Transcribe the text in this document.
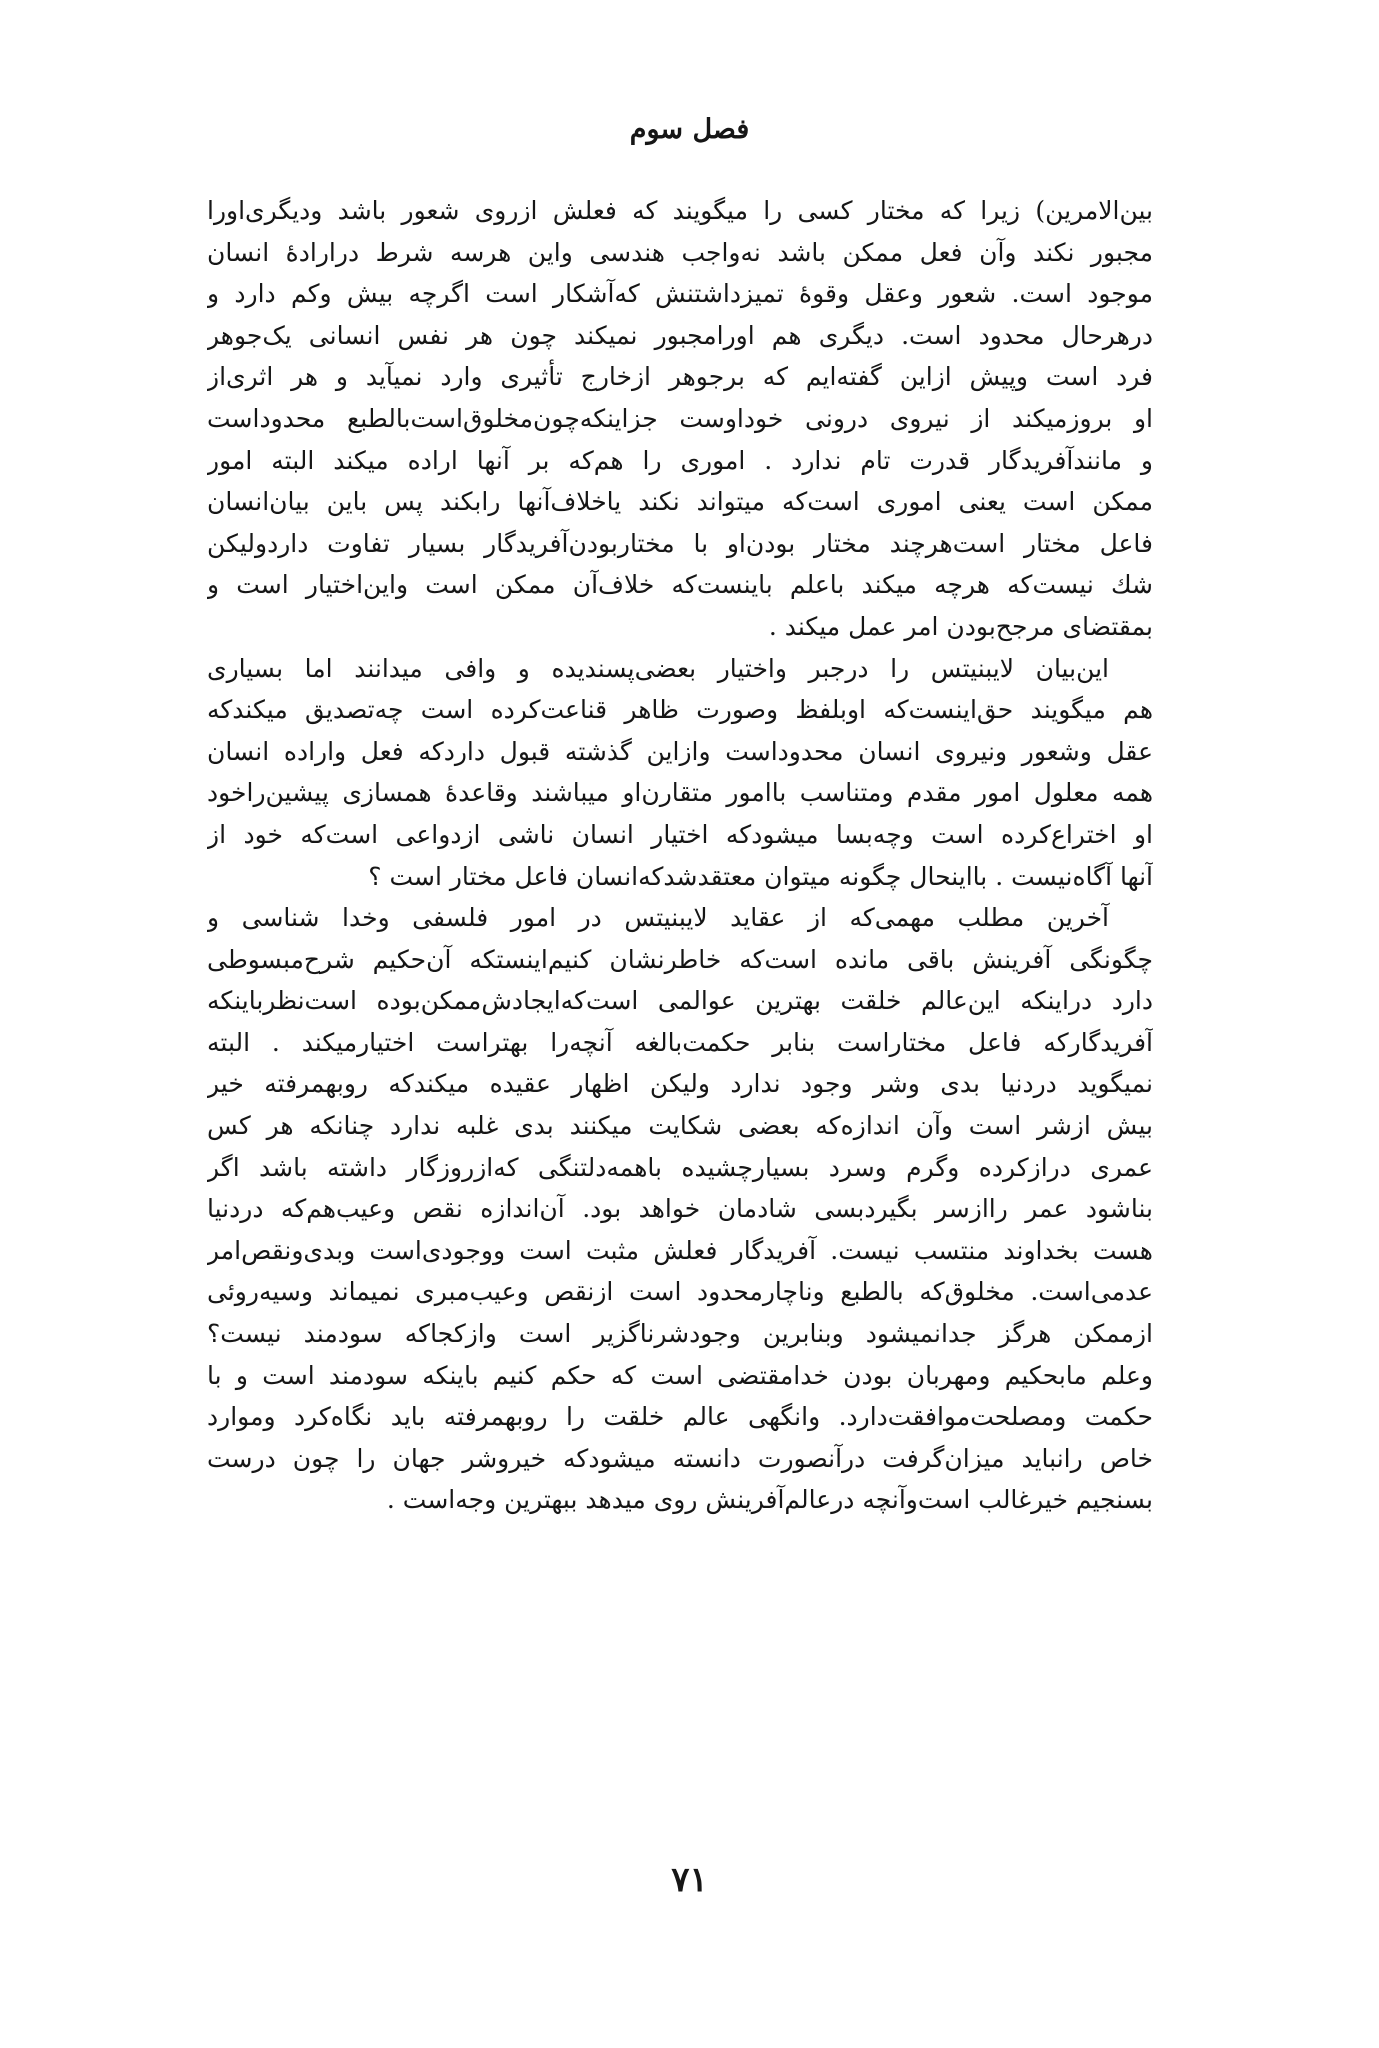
فصل سوم
بین‌الامرین) زیرا که مختار کسی را میگویند که فعلش ازروی شعور باشد ودیگری‌اورا
مجبور نکند وآن فعل ممکن باشد نه‌واجب هندسی واین هرسه شرط دراراده‌ٔ انسان
موجود است. شعور وعقل وقوهٔ تمیزداشتنش که‌آشکار است اگرچه بیش وکم دارد و
درهرحال محدود است. دیگری هم اورامجبور نمیکند چون هر نفس انسانی یک‌جوهر
فرد است وپیش ازاین گفته‌ایم که برجوهر ازخارج تأثیری وارد نمیآید و هر اثری‌از
او بروزمیکند از نیروی درونی خوداوست جزاینکه‌چون‌مخلوق‌است‌بالطبع محدوداست
و مانندآفریدگار قدرت تام ندارد . اموری را هم‌که بر آنها اراده میکند البته امور
ممکن است یعنی اموری است‌که میتواند نکند یاخلاف‌آنها رابکند پس باین بیان‌انسان
فاعل مختار است‌هرچند مختار بودن‌او با مختاربودن‌آفریدگار بسیار تفاوت داردولیکن
شك نیست‌که هرچه میکند باعلم باینست‌که خلاف‌آن ممکن است واین‌اختیار است و
بمقتضای مرجح‌بودن امر عمل میکند .
این‌بیان لایبنیتس را درجبر واختیار بعضی‌پسندیده و وافی میدانند اما بسیاری
هم میگویند حق‌اینست‌که او‌بلفظ وصورت ظاهر قناعت‌کرده است چه‌تصدیق میکند‌که
عقل وشعور ونیروی انسان محدوداست وازاین گذشته قبول دارد‌که فعل واراده انسان
همه معلول امور مقدم ومتناسب باامور متقارن‌او میباشند وقاعدهٔ همسازی پیشین‌راخود
او اختراع‌کرده است وچه‌بسا میشود‌که اختیار انسان ناشی ازدواعی است‌که خود از
آنها آگاه‌نیست . بااینحال چگونه میتوان معتقدشد‌که‌انسان فاعل مختار است ؟
آخرین مطلب مهمی‌که از عقاید لایبنیتس در امور فلسفی وخدا شناسی و
چگونگی آفرینش باقی مانده است‌که خاطرنشان کنیم‌اینستکه آن‌حکیم شرح‌مبسوطی
دارد دراینکه این‌عالم خلقت بهترین عوالمی است‌که‌ایجادش‌ممکن‌بوده است‌نظر‌باینکه
آفریدگار‌که فاعل مختاراست بنابر حکمت‌بالغه آنچه‌را بهتراست اختیارمیکند . البته
نمیگوید دردنیا بدی وشر وجود ندارد ولیکن اظهار عقیده میکند‌که روبهمرفته خیر
بیش ازشر است وآن اندازه‌که بعضی شکایت میکنند بدی غلبه ندارد چنانکه هر کس
عمری درازکرده وگرم وسرد بسیارچشیده باهمه‌دلتنگی که‌ازروزگار داشته باشد اگر
بناشود عمر رااز‌سر بگیرد‌بسی شادمان خواهد بود. آن‌اندازه نقص وعیب‌هم‌که دردنیا
هست بخداوند منتسب نیست. آفریدگار فعلش مثبت است ووجودی‌است وبدی‌ونقص‌امر
عدمی‌است. مخلوق‌که بالطبع وناچارمحدود است ازنقص وعیب‌مبری نمیماند وسیه‌روئی
ازممکن هرگز جدانمیشود وبنابرین وجودشرناگزیر است وازکجا‌که سودمند نیست؟
وعلم مابحکیم ومهربان بودن خدامقتضی است که حکم کنیم باینکه سودمند است و با
حکمت ومصلحت‌موافقت‌دارد. وانگهی عالم خلقت را روبهمرفته باید نگاه‌کرد وموارد
خاص رانباید میزان‌گرفت درآنصورت دانسته میشود‌که خیروشر جهان را چون درست
بسنجیم خیرغالب است‌وآنچه درعالم‌آفرینش روی میدهد ببهترین وجه‌است .
۷۱
